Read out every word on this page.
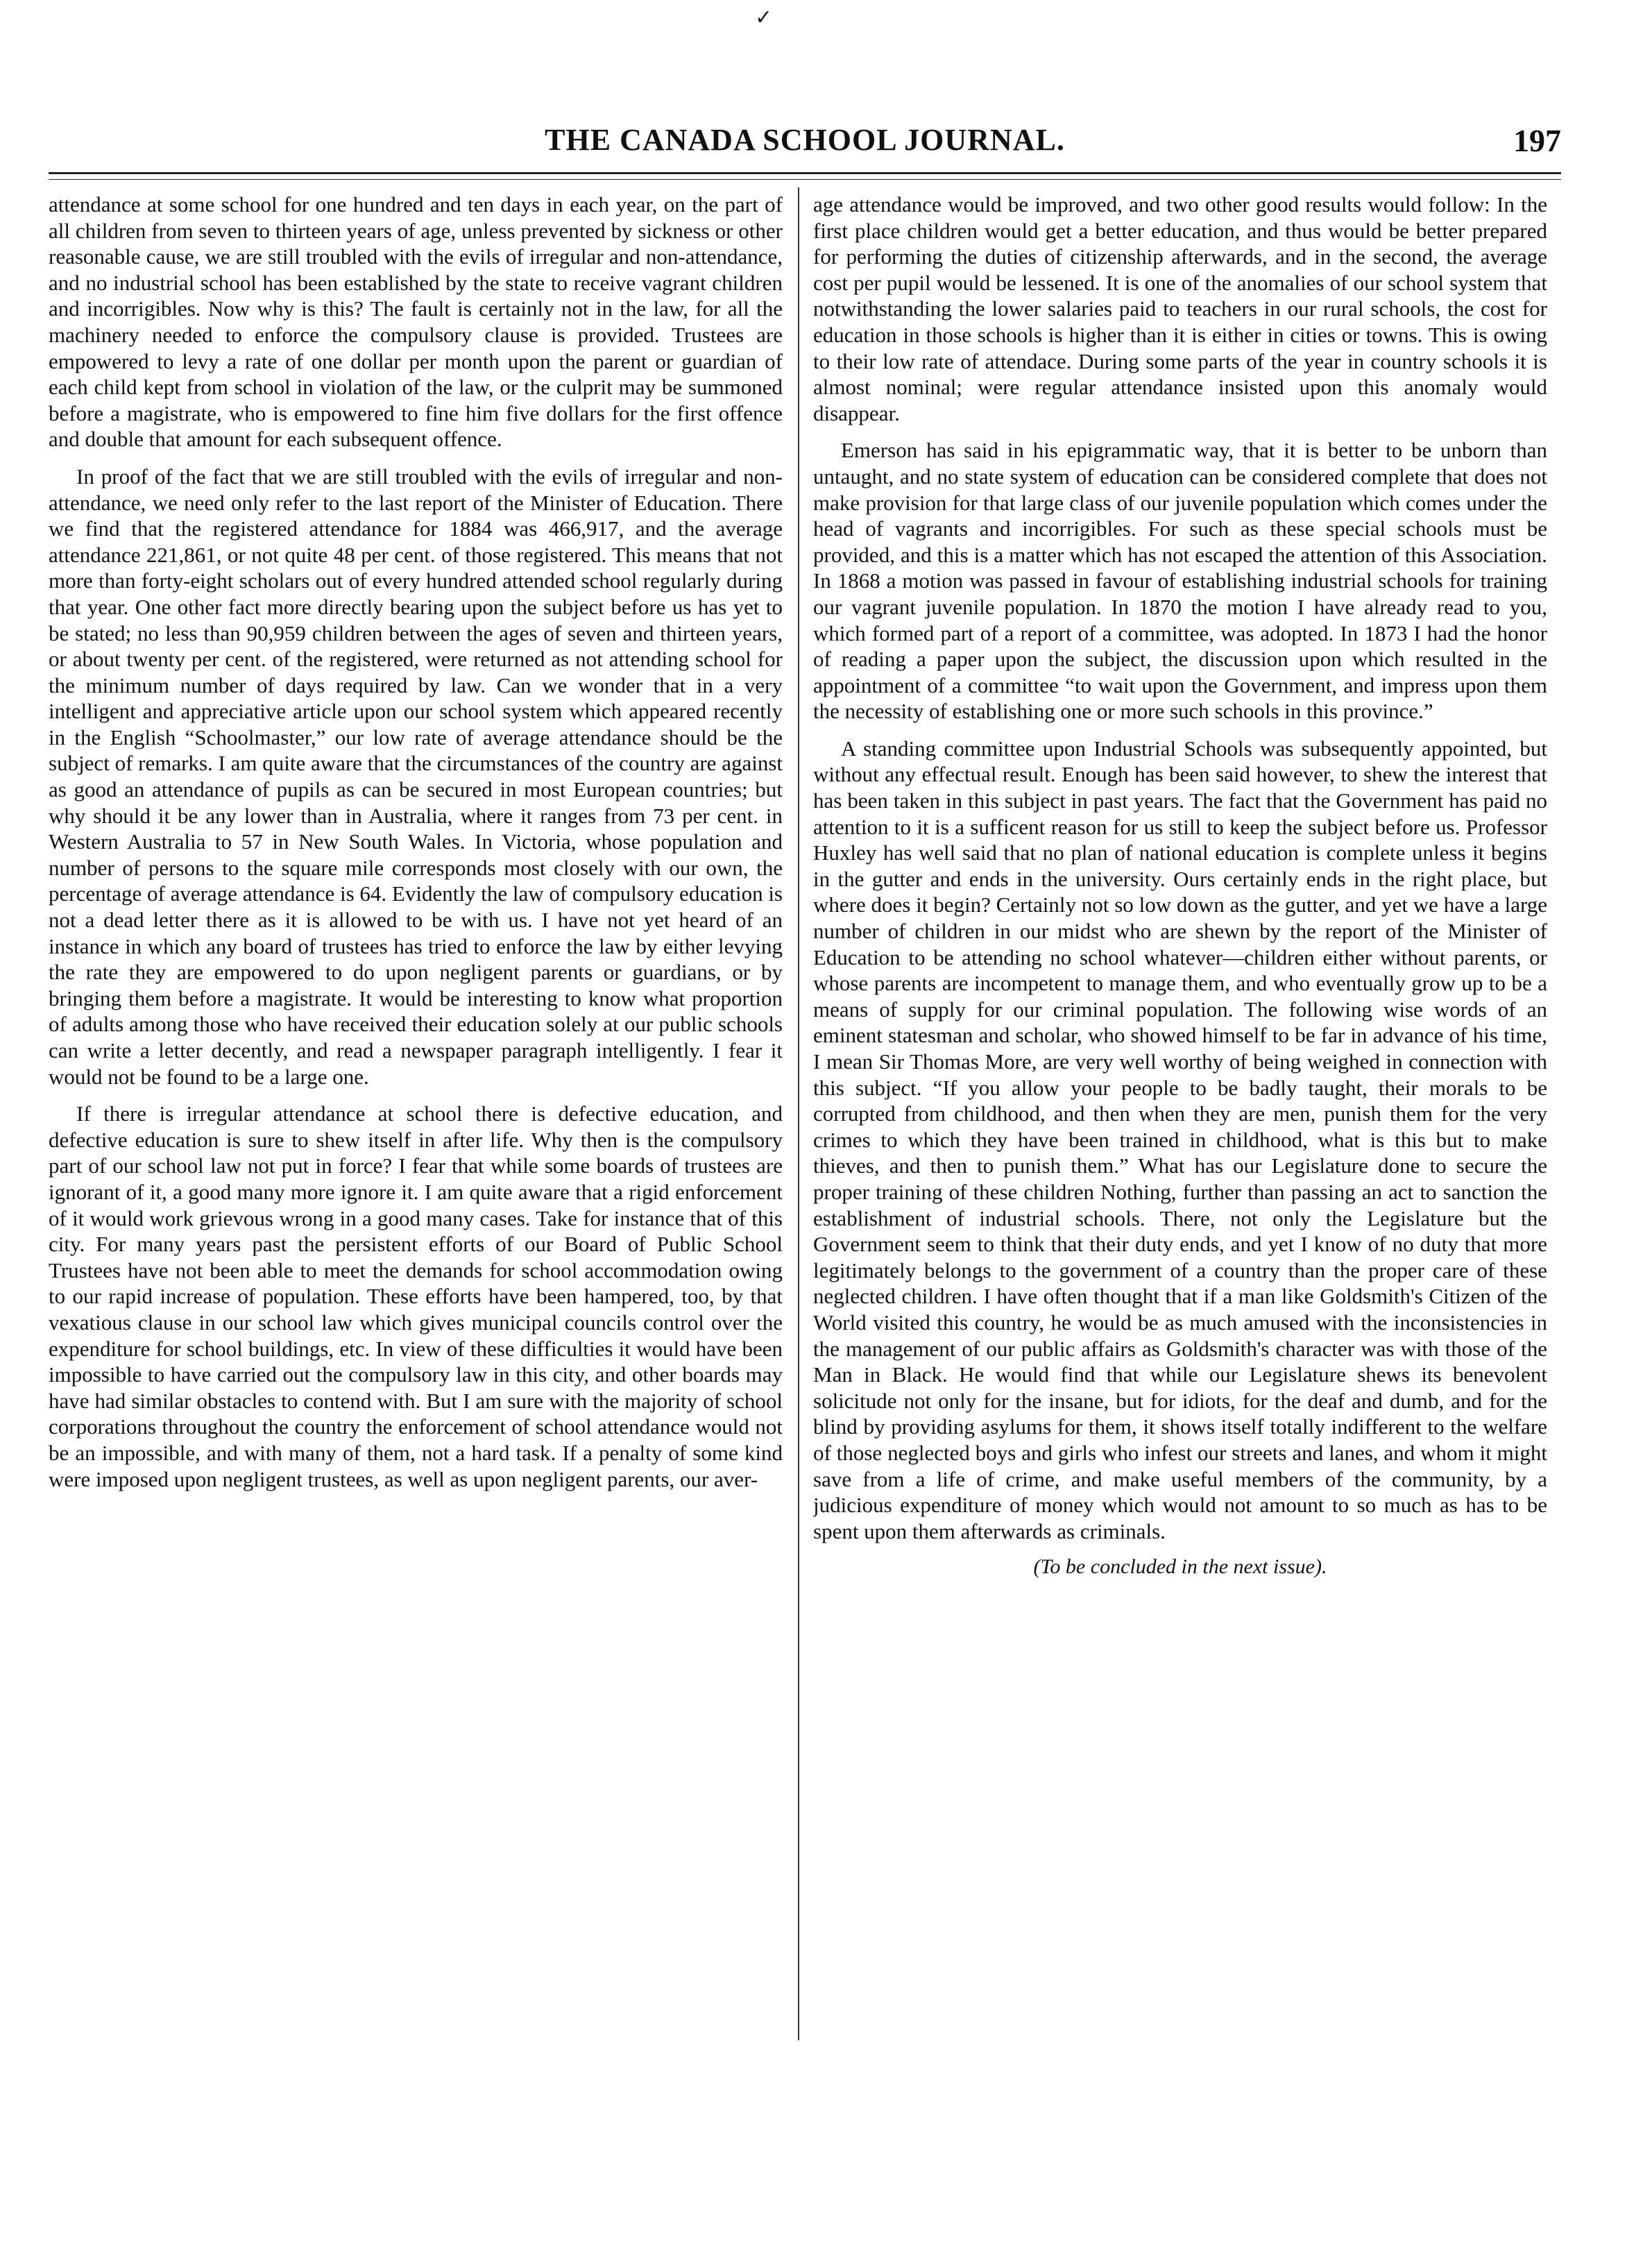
✓
THE CANADA SCHOOL JOURNAL.	197

attendance at some school for one hundred and ten days in each year, on the part of all children from seven to thirteen years of age, unless prevented by sickness or other reasonable cause, we are still troubled with the evils of irregular and non-attendance, and no industrial school has been established by the state to receive vagrant children and incorrigibles. Now why is this? The fault is certainly not in the law, for all the machinery needed to enforce the compulsory clause is provided. Trustees are empowered to levy a rate of one dollar per month upon the parent or guardian of each child kept from school in violation of the law, or the culprit may be summoned before a magistrate, who is empowered to fine him five dollars for the first offence and double that amount for each subsequent offence.

In proof of the fact that we are still troubled with the evils of irregular and non-attendance, we need only refer to the last report of the Minister of Education. There we find that the registered attendance for 1884 was 466,917, and the average attendance 221,861, or not quite 48 per cent. of those registered. This means that not more than forty-eight scholars out of every hundred attended school regularly during that year. One other fact more directly bearing upon the subject before us has yet to be stated; no less than 90,959 children between the ages of seven and thirteen years, or about twenty per cent. of the registered, were returned as not attending school for the minimum number of days required by law. Can we wonder that in a very intelligent and appreciative article upon our school system which appeared recently in the English “Schoolmaster,” our low rate of average attendance should be the subject of remarks. I am quite aware that the circumstances of the country are against as good an attendance of pupils as can be secured in most European countries; but why should it be any lower than in Australia, where it ranges from 73 per cent. in Western Australia to 57 in New South Wales. In Victoria, whose population and number of persons to the square mile corresponds most closely with our own, the percentage of average attendance is 64. Evidently the law of compulsory education is not a dead letter there as it is allowed to be with us. I have not yet heard of an instance in which any board of trustees has tried to enforce the law by either levying the rate they are empowered to do upon negligent parents or guardians, or by bringing them before a magistrate. It would be interesting to know what proportion of adults among those who have received their education solely at our public schools can write a letter decently, and read a newspaper paragraph intelligently. I fear it would not be found to be a large one.

If there is irregular attendance at school there is defective education, and defective education is sure to shew itself in after life. Why then is the compulsory part of our school law not put in force? I fear that while some boards of trustees are ignorant of it, a good many more ignore it. I am quite aware that a rigid enforcement of it would work grievous wrong in a good many cases. Take for instance that of this city. For many years past the persistent efforts of our Board of Public School Trustees have not been able to meet the demands for school accommodation owing to our rapid increase of population. These efforts have been hampered, too, by that vexatious clause in our school law which gives municipal councils control over the expenditure for school buildings, etc. In view of these difficulties it would have been impossible to have carried out the compulsory law in this city, and other boards may have had similar obstacles to contend with. But I am sure with the majority of school corporations throughout the country the enforcement of school attendance would not be an impossible, and with many of them, not a hard task. If a penalty of some kind were imposed upon negligent trustees, as well as upon negligent parents, our aver-

age attendance would be improved, and two other good results would follow: In the first place children would get a better education, and thus would be better prepared for performing the duties of citizenship afterwards, and in the second, the average cost per pupil would be lessened. It is one of the anomalies of our school system that notwithstanding the lower salaries paid to teachers in our rural schools, the cost for education in those schools is higher than it is either in cities or towns. This is owing to their low rate of attendace. During some parts of the year in country schools it is almost nominal; were regular attendance insisted upon this anomaly would disappear.

Emerson has said in his epigrammatic way, that it is better to be unborn than untaught, and no state system of education can be considered complete that does not make provision for that large class of our juvenile population which comes under the head of vagrants and incorrigibles. For such as these special schools must be provided, and this is a matter which has not escaped the attention of this Association. In 1868 a motion was passed in favour of establishing industrial schools for training our vagrant juvenile population. In 1870 the motion I have already read to you, which formed part of a report of a committee, was adopted. In 1873 I had the honor of reading a paper upon the subject, the discussion upon which resulted in the appointment of a committee “to wait upon the Government, and impress upon them the necessity of establishing one or more such schools in this province.”

A standing committee upon Industrial Schools was subsequently appointed, but without any effectual result. Enough has been said however, to shew the interest that has been taken in this subject in past years. The fact that the Government has paid no attention to it is a sufficent reason for us still to keep the subject before us. Professor Huxley has well said that no plan of national education is complete unless it begins in the gutter and ends in the university. Ours certainly ends in the right place, but where does it begin? Certainly not so low down as the gutter, and yet we have a large number of children in our midst who are shewn by the report of the Minister of Education to be attending no school whatever—children either without parents, or whose parents are incompetent to manage them, and who eventually grow up to be a means of supply for our criminal population. The following wise words of an eminent statesman and scholar, who showed himself to be far in advance of his time, I mean Sir Thomas More, are very well worthy of being weighed in connection with this subject. “If you allow your people to be badly taught, their morals to be corrupted from childhood, and then when they are men, punish them for the very crimes to which they have been trained in childhood, what is this but to make thieves, and then to punish them.” What has our Legislature done to secure the proper training of these children Nothing, further than passing an act to sanction the establishment of industrial schools. There, not only the Legislature but the Government seem to think that their duty ends, and yet I know of no duty that more legitimately belongs to the government of a country than the proper care of these neglected children. I have often thought that if a man like Goldsmith's Citizen of the World visited this country, he would be as much amused with the inconsistencies in the management of our public affairs as Goldsmith's character was with those of the Man in Black. He would find that while our Legislature shews its benevolent solicitude not only for the insane, but for idiots, for the deaf and dumb, and for the blind by providing asylums for them, it shows itself totally indifferent to the welfare of those neglected boys and girls who infest our streets and lanes, and whom it might save from a life of crime, and make useful members of the community, by a judicious expenditure of money which would not amount to so much as has to be spent upon them afterwards as criminals.

(To be concluded in the next issue).
